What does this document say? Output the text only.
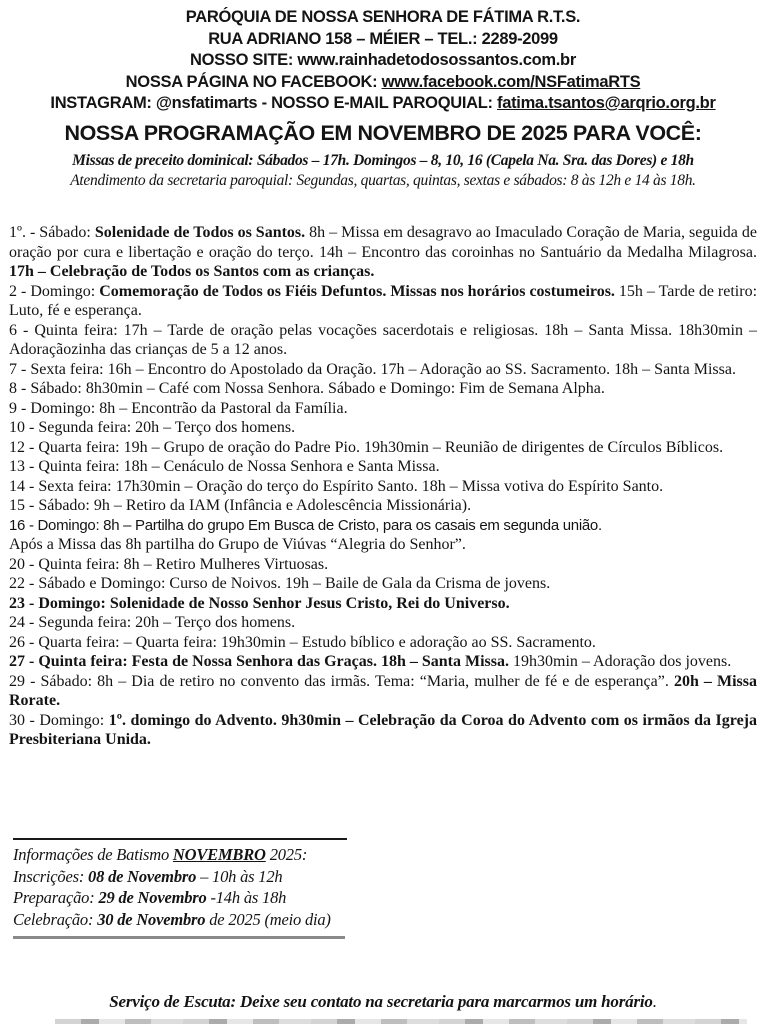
PARÓQUIA DE NOSSA SENHORA DE FÁTIMA R.T.S.
RUA ADRIANO 158 – MÉIER – TEL.: 2289-2099
NOSSO SITE: www.rainhadetodosossantos.com.br
NOSSA PÁGINA NO FACEBOOK: www.facebook.com/NSFatimaRTS
INSTAGRAM: @nsfatimarts - NOSSO E-MAIL PAROQUIAL: fatima.tsantos@arqrio.org.br
NOSSA PROGRAMAÇÃO EM NOVEMBRO DE 2025 PARA VOCÊ:
Missas de preceito dominical: Sábados – 17h. Domingos – 8, 10, 16 (Capela Na. Sra. das Dores) e 18h
Atendimento da secretaria paroquial: Segundas, quartas, quintas, sextas e sábados: 8 às 12h e 14 às 18h.

1º. - Sábado: Solenidade de Todos os Santos. 8h – Missa em desagravo ao Imaculado Coração de Maria, seguida de oração por cura e libertação e oração do terço. 14h – Encontro das coroinhas no Santuário da Medalha Milagrosa. 17h – Celebração de Todos os Santos com as crianças.

2 - Domingo: Comemoração de Todos os Fiéis Defuntos. Missas nos horários costumeiros. 15h – Tarde de retiro: Luto, fé e esperança.

6 - Quinta feira: 17h – Tarde de oração pelas vocações sacerdotais e religiosas. 18h – Santa Missa. 18h30min – Adoraçãozinha das crianças de 5 a 12 anos.

7 - Sexta feira: 16h – Encontro do Apostolado da Oração. 17h – Adoração ao SS. Sacramento. 18h – Santa Missa.

8 - Sábado: 8h30min – Café com Nossa Senhora. Sábado e Domingo: Fim de Semana Alpha.

9 - Domingo: 8h – Encontrão da Pastoral da Família.

10 - Segunda feira: 20h – Terço dos homens.

12 - Quarta feira: 19h – Grupo de oração do Padre Pio. 19h30min – Reunião de dirigentes de Círculos Bíblicos.

13 - Quinta feira: 18h – Cenáculo de Nossa Senhora e Santa Missa.

14 - Sexta feira: 17h30min – Oração do terço do Espírito Santo. 18h – Missa votiva do Espírito Santo.

15 - Sábado: 9h – Retiro da IAM (Infância e Adolescência Missionária).

16 - Domingo: 8h – Partilha do grupo Em Busca de Cristo, para os casais em segunda união.

Após a Missa das 8h partilha do Grupo de Viúvas “Alegria do Senhor”.

20 - Quinta feira: 8h – Retiro Mulheres Virtuosas.

22 - Sábado e Domingo: Curso de Noivos. 19h – Baile de Gala da Crisma de jovens.

23 - Domingo: Solenidade de Nosso Senhor Jesus Cristo, Rei do Universo.

24 - Segunda feira: 20h – Terço dos homens.

26 - Quarta feira: – Quarta feira: 19h30min – Estudo bíblico e adoração ao SS. Sacramento.

27 - Quinta feira: Festa de Nossa Senhora das Graças. 18h – Santa Missa. 19h30min – Adoração dos jovens.

29 - Sábado: 8h – Dia de retiro no convento das irmãs. Tema: “Maria, mulher de fé e de esperança”. 20h – Missa Rorate.

30 - Domingo: 1º. domingo do Advento. 9h30min – Celebração da Coroa do Advento com os irmãos da Igreja Presbiteriana Unida.

Informações de Batismo NOVEMBRO 2025:

Inscrições: 08 de Novembro – 10h às 12h

Preparação: 29 de Novembro -14h às 18h

Celebração: 30 de Novembro de 2025 (meio dia)

Serviço de Escuta: Deixe seu contato na secretaria para marcarmos um horário.
